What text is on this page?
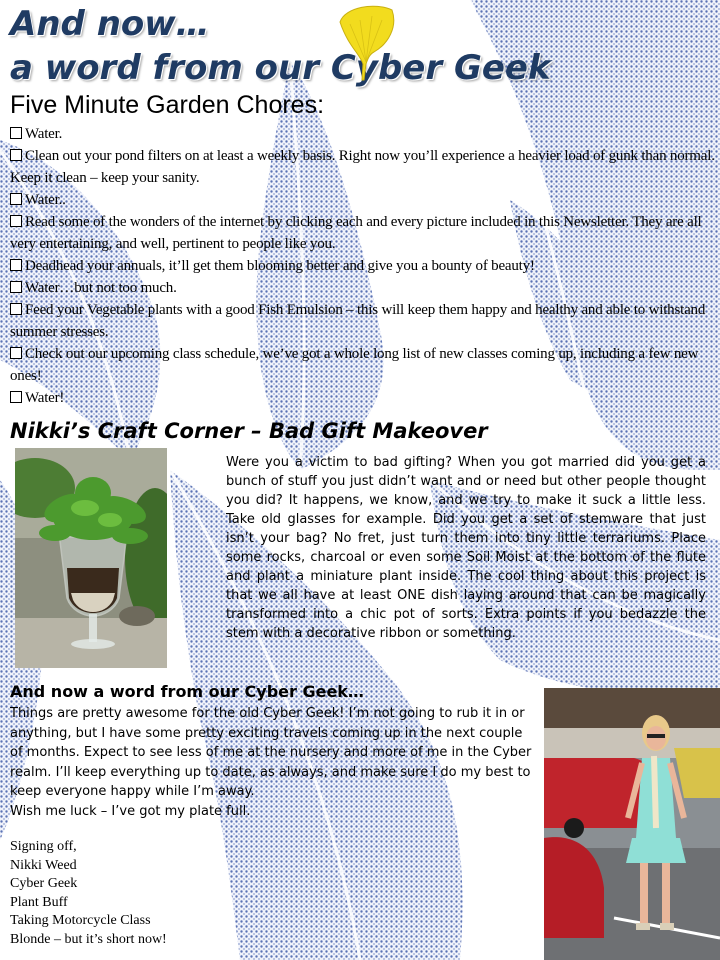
And now…
a word from our Cyber Geek
Five Minute Garden Chores:
Water.
Clean out your pond filters on at least a weekly basis. Right now you’ll experience a heavier load of gunk than normal. Keep it clean – keep your sanity.
Water..
Read some of the wonders of the internet by clicking each and every picture included in this Newsletter. They are all very entertaining, and well, pertinent to people like you.
Deadhead your annuals, it’ll get them blooming better and give you a bounty of beauty!
Water…but not too much.
Feed your Vegetable plants with a good Fish Emulsion – this will keep them happy and healthy and able to withstand summer stresses.
Check out our upcoming class schedule, we’ve got a whole long list of new classes coming up, including a few new ones!
Water!
Nikki’s Craft Corner – Bad Gift Makeover

Were you a victim to bad gifting? When you got married did you get a bunch of stuff you just didn’t want and or need but other people thought you did? It happens, we know, and we try to make it suck a little less. Take old glasses for example. Did you get a set of stemware that just isn’t your bag? No fret, just turn them into tiny little terrariums. Place some rocks, charcoal or even some Soil Moist at the bottom of the flute and plant a miniature plant inside. The cool thing about this project is that we all have at least ONE dish laying around that can be magically transformed into a chic pot of sorts. Extra points if you bedazzle the stem with a decorative ribbon or something.

And now a word from our Cyber Geek…

Things are pretty awesome for the old Cyber Geek! I’m not going to rub it in or anything, but I have some pretty exciting travels coming up in the next couple of months. Expect to see less of me at the nursery and more of me in the Cyber realm. I’ll keep everything up to date, as always, and make sure I do my best to keep everyone happy while I’m away.
Wish me luck – I’ve got my plate full.

Signing off,
Nikki Weed
Cyber Geek
Plant Buff
Taking Motorcycle Class
Blonde – but it’s short now!
